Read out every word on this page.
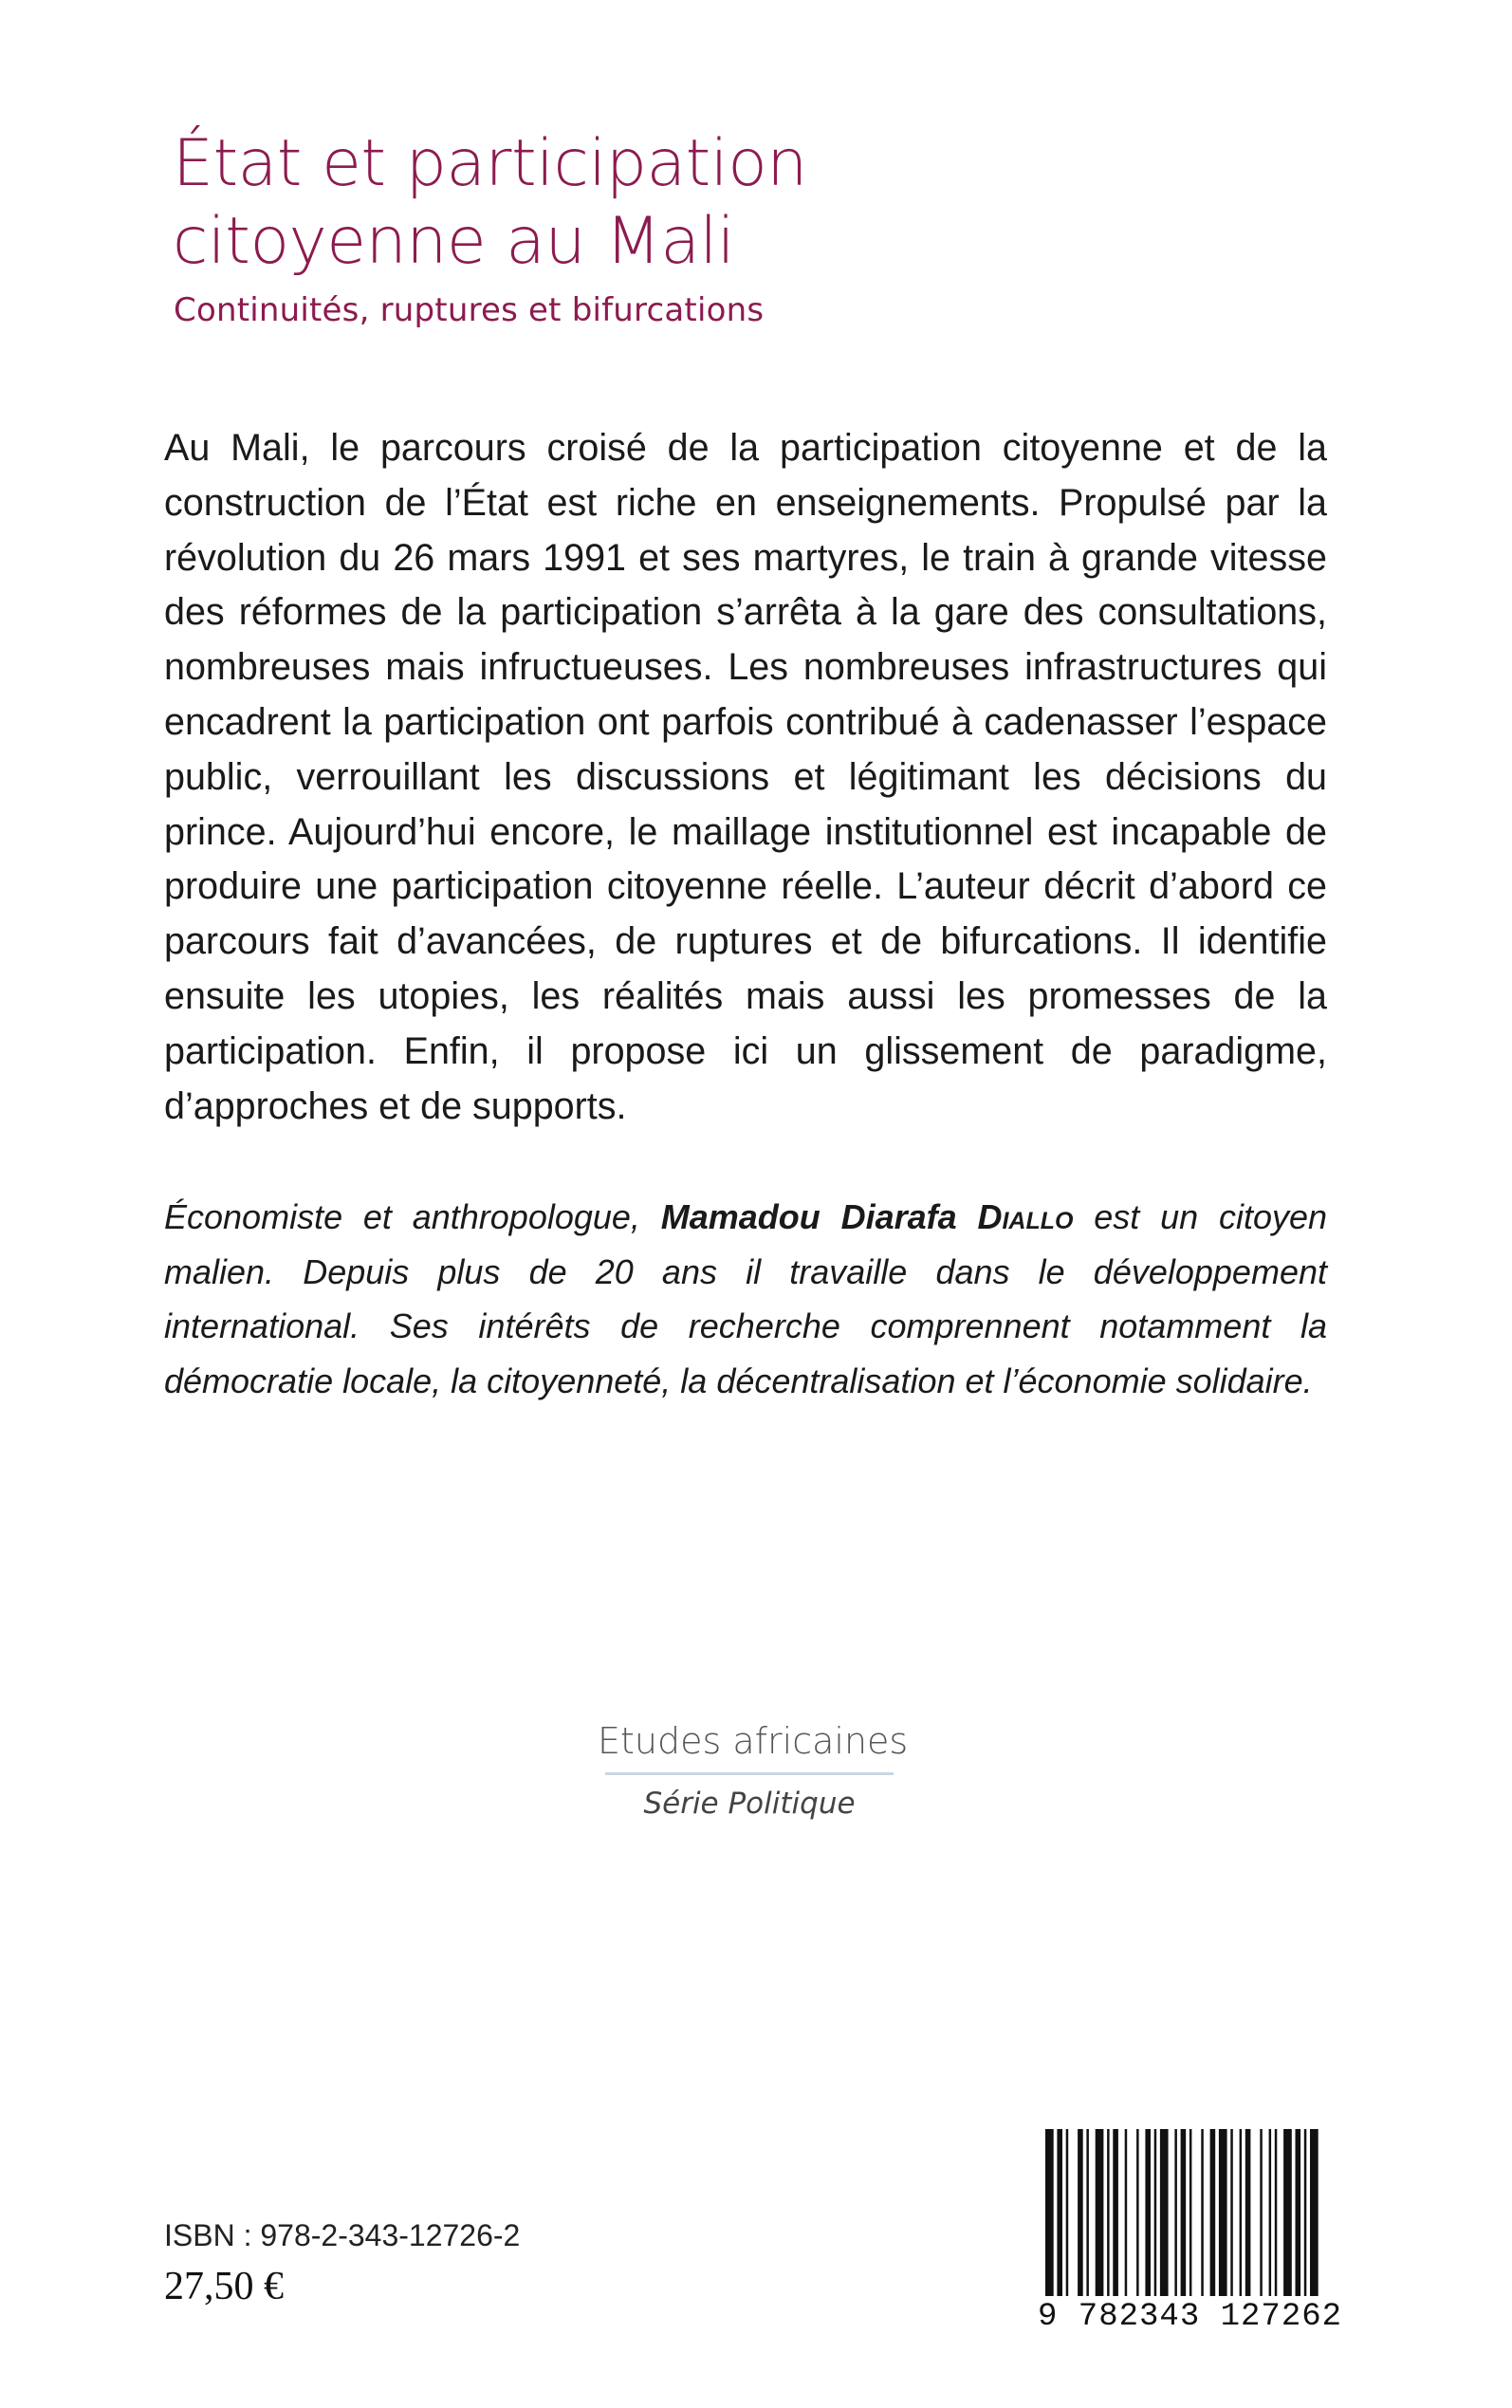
État et participation
citoyenne au Mali
Continuités, ruptures et bifurcations

Au Mali, le parcours croisé de la participation citoyenne et de la construction de l’État est riche en enseignements. Propulsé par la révolution du 26 mars 1991 et ses martyres, le train à grande vitesse des réformes de la participation s’arrêta à la gare des consultations, nombreuses mais infructueuses. Les nombreuses infrastructures qui encadrent la participation ont parfois contribué à cadenasser l’espace public, verrouillant les discussions et légitimant les décisions du prince. Aujourd’hui encore, le maillage institutionnel est incapable de produire une participation citoyenne réelle. L’auteur décrit d’abord ce parcours fait d’avancées, de ruptures et de bifurcations. Il identifie ensuite les utopies, les réalités mais aussi les promesses de la participation. Enfin, il propose ici un glissement de paradigme, d’approches et de supports.

Économiste et anthropologue, Mamadou Diarafa Diallo est un citoyen malien. Depuis plus de 20 ans il travaille dans le développement international. Ses intérêts de recherche comprennent notamment la démocratie locale, la citoyenneté, la décentralisation et l’économie solidaire.

Etudes africaines
Série Politique
ISBN : 978-2-343-12726-2
27,50 €
9 782343 127262
